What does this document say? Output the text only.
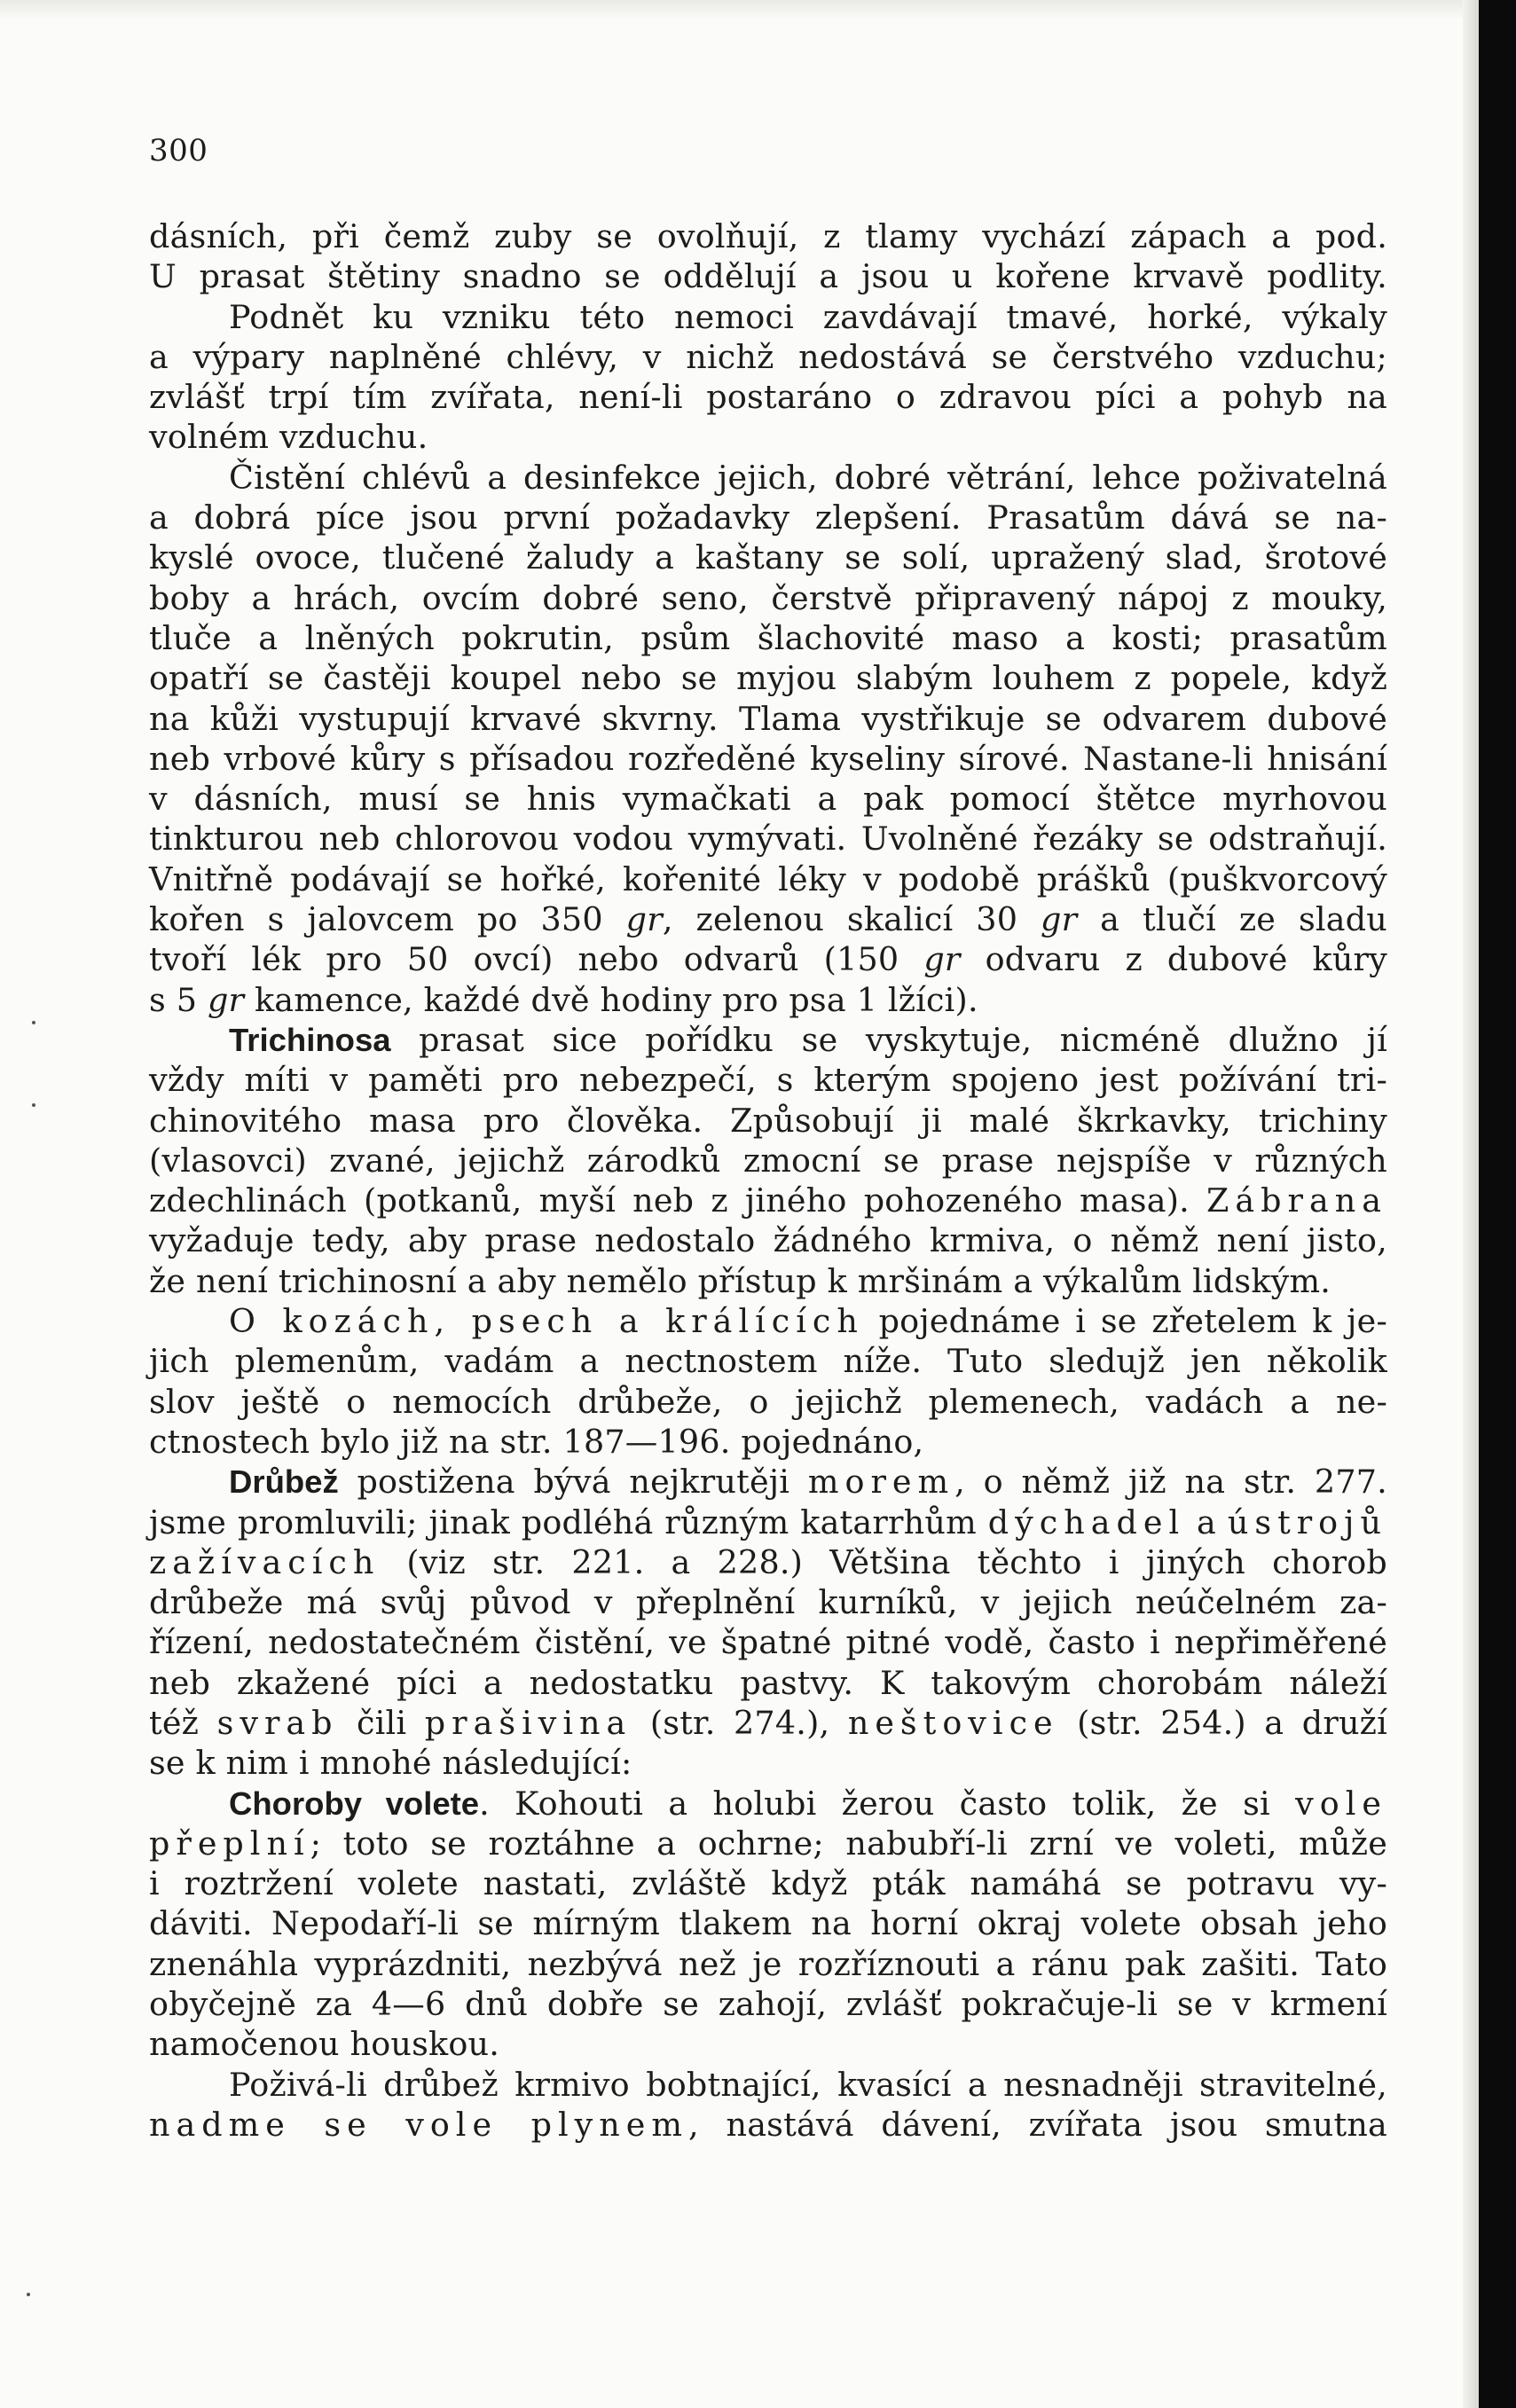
300
dásních, při čemž zuby se ovolňují, z tlamy vychází zápach a pod.
U prasat štětiny snadno se oddělují a jsou u kořene krvavě podlity.
Podnět ku vzniku této nemoci zavdávají tmavé, horké, výkaly
a výpary naplněné chlévy, v nichž nedostává se čerstvého vzduchu;
zvlášť trpí tím zvířata, není-li postaráno o zdravou píci a pohyb na
volném vzduchu.
Čistění chlévů a desinfekce jejich, dobré větrání, lehce poživatelná
a dobrá píce jsou první požadavky zlepšení. Prasatům dává se na-
kyslé ovoce, tlučené žaludy a kaštany se solí, upražený slad, šrotové
boby a hrách, ovcím dobré seno, čerstvě připravený nápoj z mouky,
tluče a lněných pokrutin, psům šlachovité maso a kosti; prasatům
opatří se častěji koupel nebo se myjou slabým louhem z popele, když
na kůži vystupují krvavé skvrny. Tlama vystřikuje se odvarem dubové
neb vrbové kůry s přísadou rozředěné kyseliny sírové. Nastane-li hnisání
v dásních, musí se hnis vymačkati a pak pomocí štětce myrhovou
tinkturou neb chlorovou vodou vymývati. Uvolněné řezáky se odstraňují.
Vnitřně podávají se hořké, kořenité léky v podobě prášků (puškvorcový
kořen s jalovcem po 350 gr, zelenou skalicí 30 gr a tlučí ze sladu
tvoří lék pro 50 ovcí) nebo odvarů (150 gr odvaru z dubové kůry
s 5 gr kamence, každé dvě hodiny pro psa 1 lžíci).
Trichinosa prasat sice pořídku se vyskytuje, nicméně dlužno jí
vždy míti v paměti pro nebezpečí, s kterým spojeno jest požívání tri-
chinovitého masa pro člověka. Způsobují ji malé škrkavky, trichiny
(vlasovci) zvané, jejichž zárodků zmocní se prase nejspíše v různých
zdechlinách (potkanů, myší neb z jiného pohozeného masa). Zábrana
vyžaduje tedy, aby prase nedostalo žádného krmiva, o němž není jisto,
že není trichinosní a aby nemělo přístup k mršinám a výkalům lidským.
O kozách, psech a králících pojednáme i se zřetelem k je-
jich plemenům, vadám a nectnostem níže. Tuto sledujž jen několik
slov ještě o nemocích drůbeže, o jejichž plemenech, vadách a ne-
ctnostech bylo již na str. 187—196. pojednáno,
Drůbež postižena bývá nejkrutěji morem, o němž již na str. 277.
jsme promluvili; jinak podléhá různým katarrhům dýchadel a ústrojů
zažívacích (viz str. 221. a 228.) Většina těchto i jiných chorob
drůbeže má svůj původ v přeplnění kurníků, v jejich neúčelném za-
řízení, nedostatečném čistění, ve špatné pitné vodě, často i nepřiměřené
neb zkažené píci a nedostatku pastvy. K takovým chorobám náleží
též svrab čili prašivina (str. 274.), neštovice (str. 254.) a druží
se k nim i mnohé následující:
Choroby volete. Kohouti a holubi žerou často tolik, že si vole
přeplní; toto se roztáhne a ochrne; nabubří-li zrní ve voleti, může
i roztržení volete nastati, zvláště když pták namáhá se potravu vy-
dáviti. Nepodaří-li se mírným tlakem na horní okraj volete obsah jeho
znenáhla vyprázdniti, nezbývá než je rozříznouti a ránu pak zašiti. Tato
obyčejně za 4—6 dnů dobře se zahojí, zvlášť pokračuje-li se v krmení
namočenou houskou.
Poživá-li drůbež krmivo bobtnající, kvasící a nesnadněji stravitelné,
nadme se vole plynem, nastává dávení, zvířata jsou smutna
